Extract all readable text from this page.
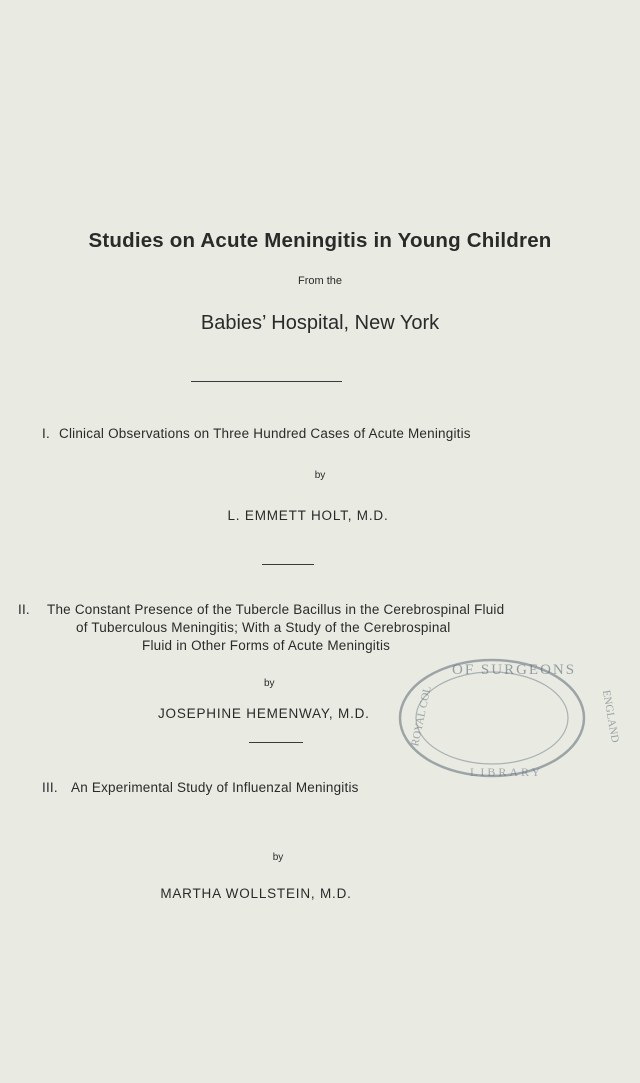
Studies on Acute Meningitis in Young Children
From the
Babies’ Hospital, New York
I. Clinical Observations on Three Hundred Cases of Acute Meningitis
by
L. EMMETT HOLT, M.D.
II. The Constant Presence of the Tubercle Bacillus in the Cerebrospinal Fluid
of Tuberculous Meningitis; With a Study of the Cerebrospinal
Fluid in Other Forms of Acute Meningitis
by
JOSEPHINE HEMENWAY, M.D.
III. An Experimental Study of Influenzal Meningitis
by
MARTHA WOLLSTEIN, M.D.
OF SURGEONS
ROYAL COL	ENGLAND
LIBRARY
